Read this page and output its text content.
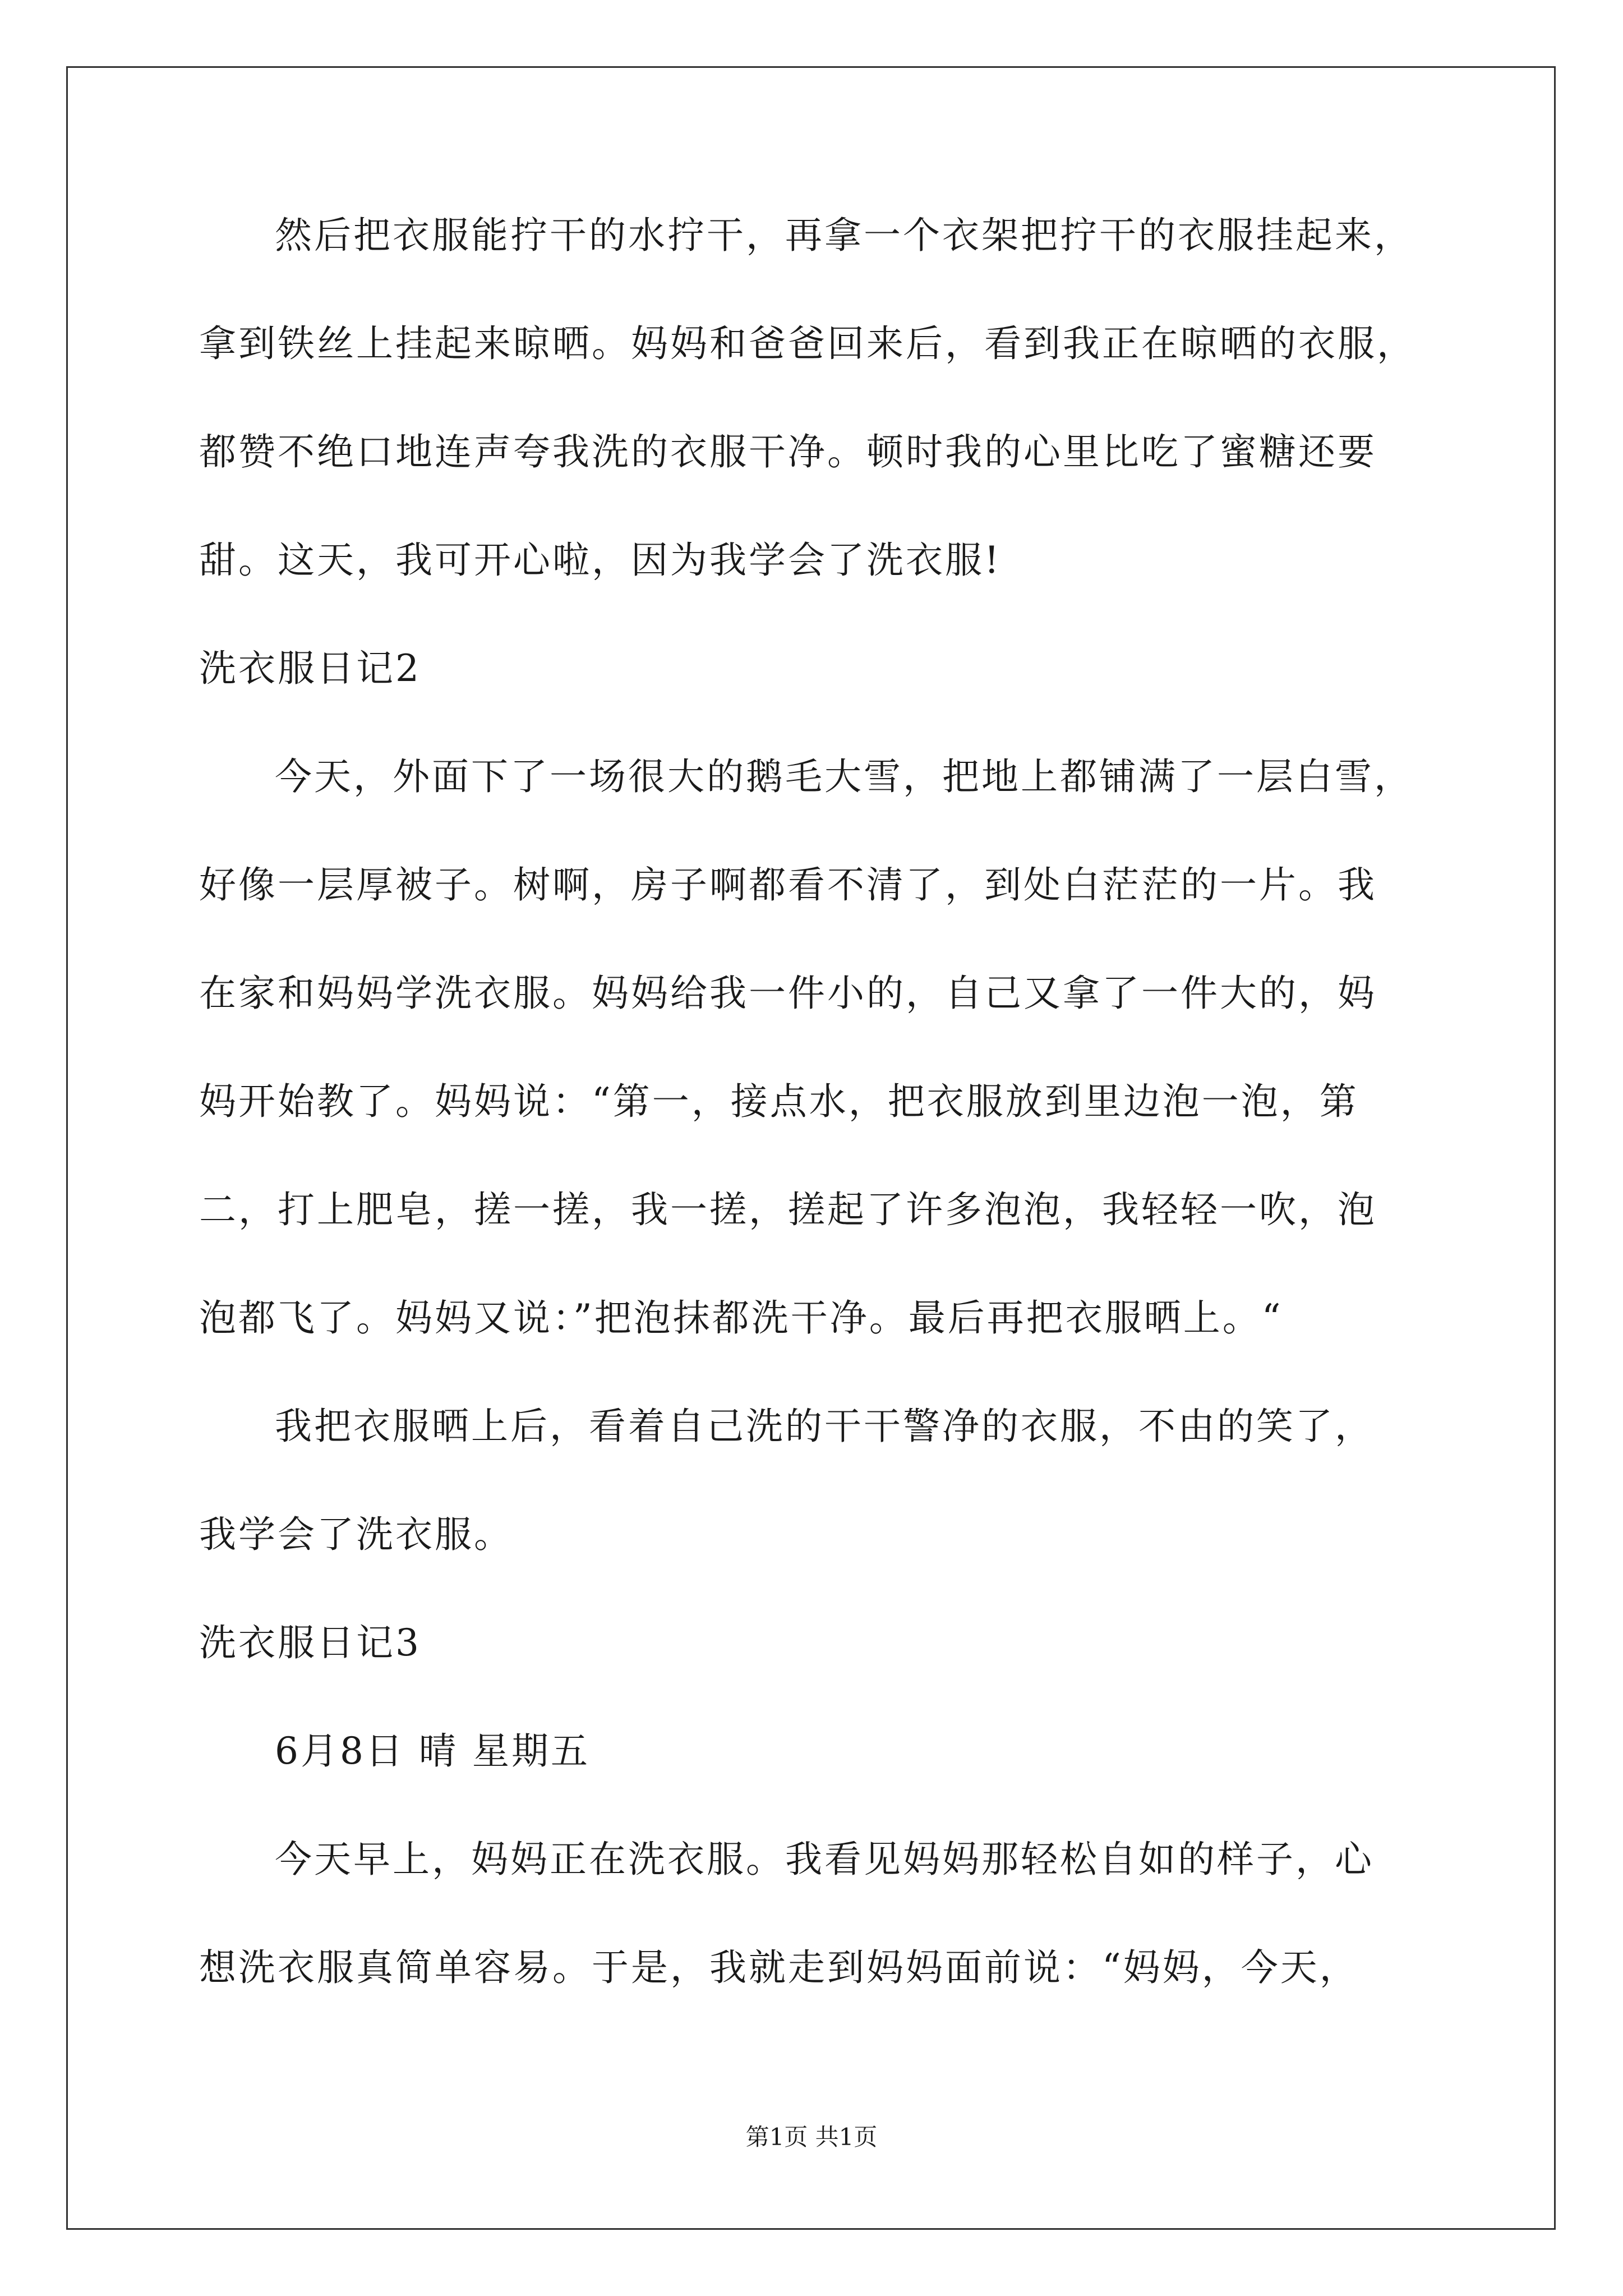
然后把衣服能拧干的水拧干，再拿一个衣架把拧干的衣服挂起来，
拿到铁丝上挂起来晾晒。妈妈和爸爸回来后，看到我正在晾晒的衣服，
都赞不绝口地连声夸我洗的衣服干净。顿时我的心里比吃了蜜糖还要
甜。这天，我可开心啦，因为我学会了洗衣服!
洗衣服日记2
今天，外面下了一场很大的鹅毛大雪，把地上都铺满了一层白雪，
好像一层厚被子。树啊，房子啊都看不清了，到处白茫茫的一片。我
在家和妈妈学洗衣服。妈妈给我一件小的，自己又拿了一件大的，妈
妈开始教了。妈妈说：“第一，接点水，把衣服放到里边泡一泡，第
二，打上肥皂，搓一搓，我一搓，搓起了许多泡泡，我轻轻一吹，泡
泡都飞了。妈妈又说：”把泡抹都洗干净。最后再把衣服晒上。“
我把衣服晒上后，看着自己洗的干干警净的衣服，不由的笑了，
我学会了洗衣服。
洗衣服日记3
6月8日 晴 星期五
今天早上，妈妈正在洗衣服。我看见妈妈那轻松自如的样子，心
想洗衣服真简单容易。于是，我就走到妈妈面前说：“妈妈，今天，
第1页 共1页
